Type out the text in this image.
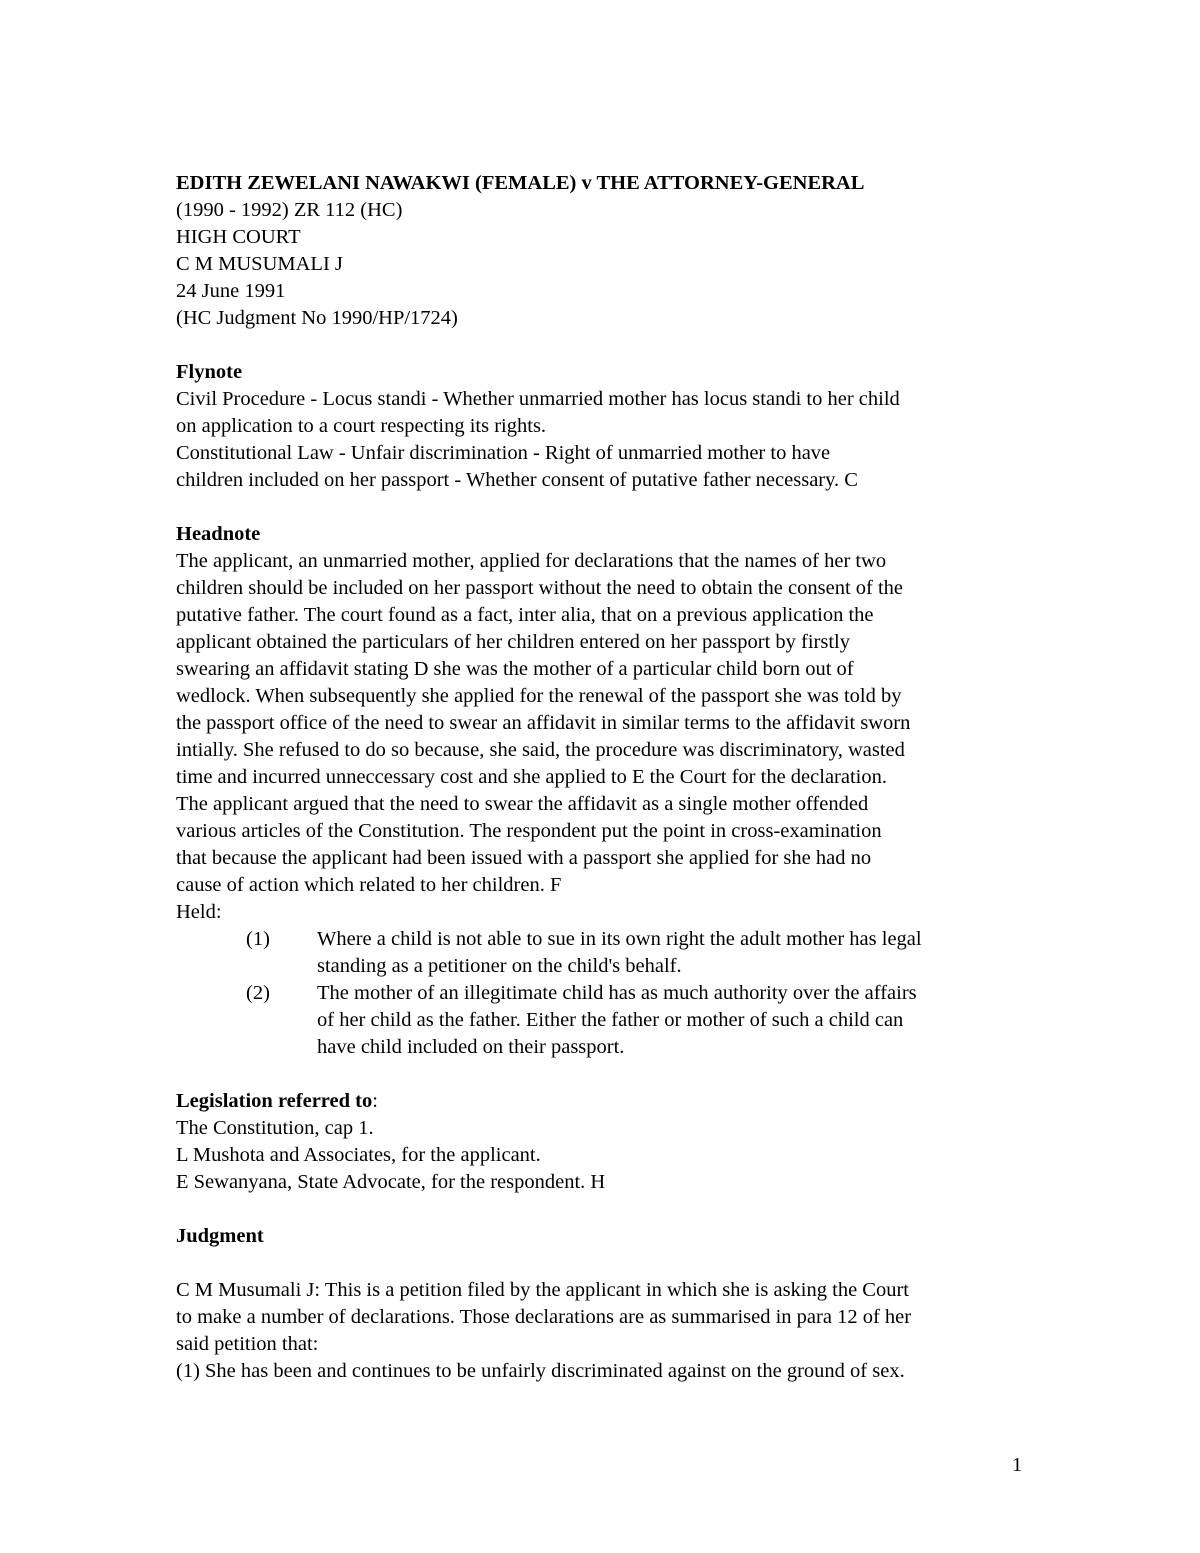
EDITH ZEWELANI NAWAKWI (FEMALE) v THE ATTORNEY-GENERAL
(1990 - 1992) ZR 112 (HC)
HIGH COURT
C M MUSUMALI J
24 June 1991
(HC Judgment No 1990/HP/1724)
Flynote
Civil Procedure - Locus standi - Whether unmarried mother has locus standi to her child
on application to a court respecting its rights.
Constitutional Law - Unfair discrimination - Right of unmarried mother to have
children included on her passport - Whether consent of putative father necessary. C
Headnote
The applicant, an unmarried mother, applied for declarations that the names of her two
children should be included on her passport without the need to obtain the consent of the
putative father. The court found as a fact, inter alia, that on a previous application the
applicant obtained the particulars of her children entered on her passport by firstly
swearing an affidavit stating D she was the mother of a particular child born out of
wedlock. When subsequently she applied for the renewal of the passport she was told by
the passport office of the need to swear an affidavit in similar terms to the affidavit sworn
intially. She refused to do so because, she said, the procedure was discriminatory, wasted
time and incurred unneccessary cost and she applied to E the Court for the declaration.
The applicant argued that the need to swear the affidavit as a single mother offended
various articles of the Constitution. The respondent put the point in cross-examination
that because the applicant had been issued with a passport she applied for she had no
cause of action which related to her children. F
Held:
(1) Where a child is not able to sue in its own right the adult mother has legal
standing as a petitioner on the child's behalf.
(2) The mother of an illegitimate child has as much authority over the affairs
of her child as the father. Either the father or mother of such a child can
have child included on their passport.
Legislation referred to:
The Constitution, cap 1.
L Mushota and Associates, for the applicant.
E Sewanyana, State Advocate, for the respondent. H
Judgment
C M Musumali J: This is a petition filed by the applicant in which she is asking the Court
to make a number of declarations. Those declarations are as summarised in para 12 of her
said petition that:
(1) She has been and continues to be unfairly discriminated against on the ground of sex.
1
